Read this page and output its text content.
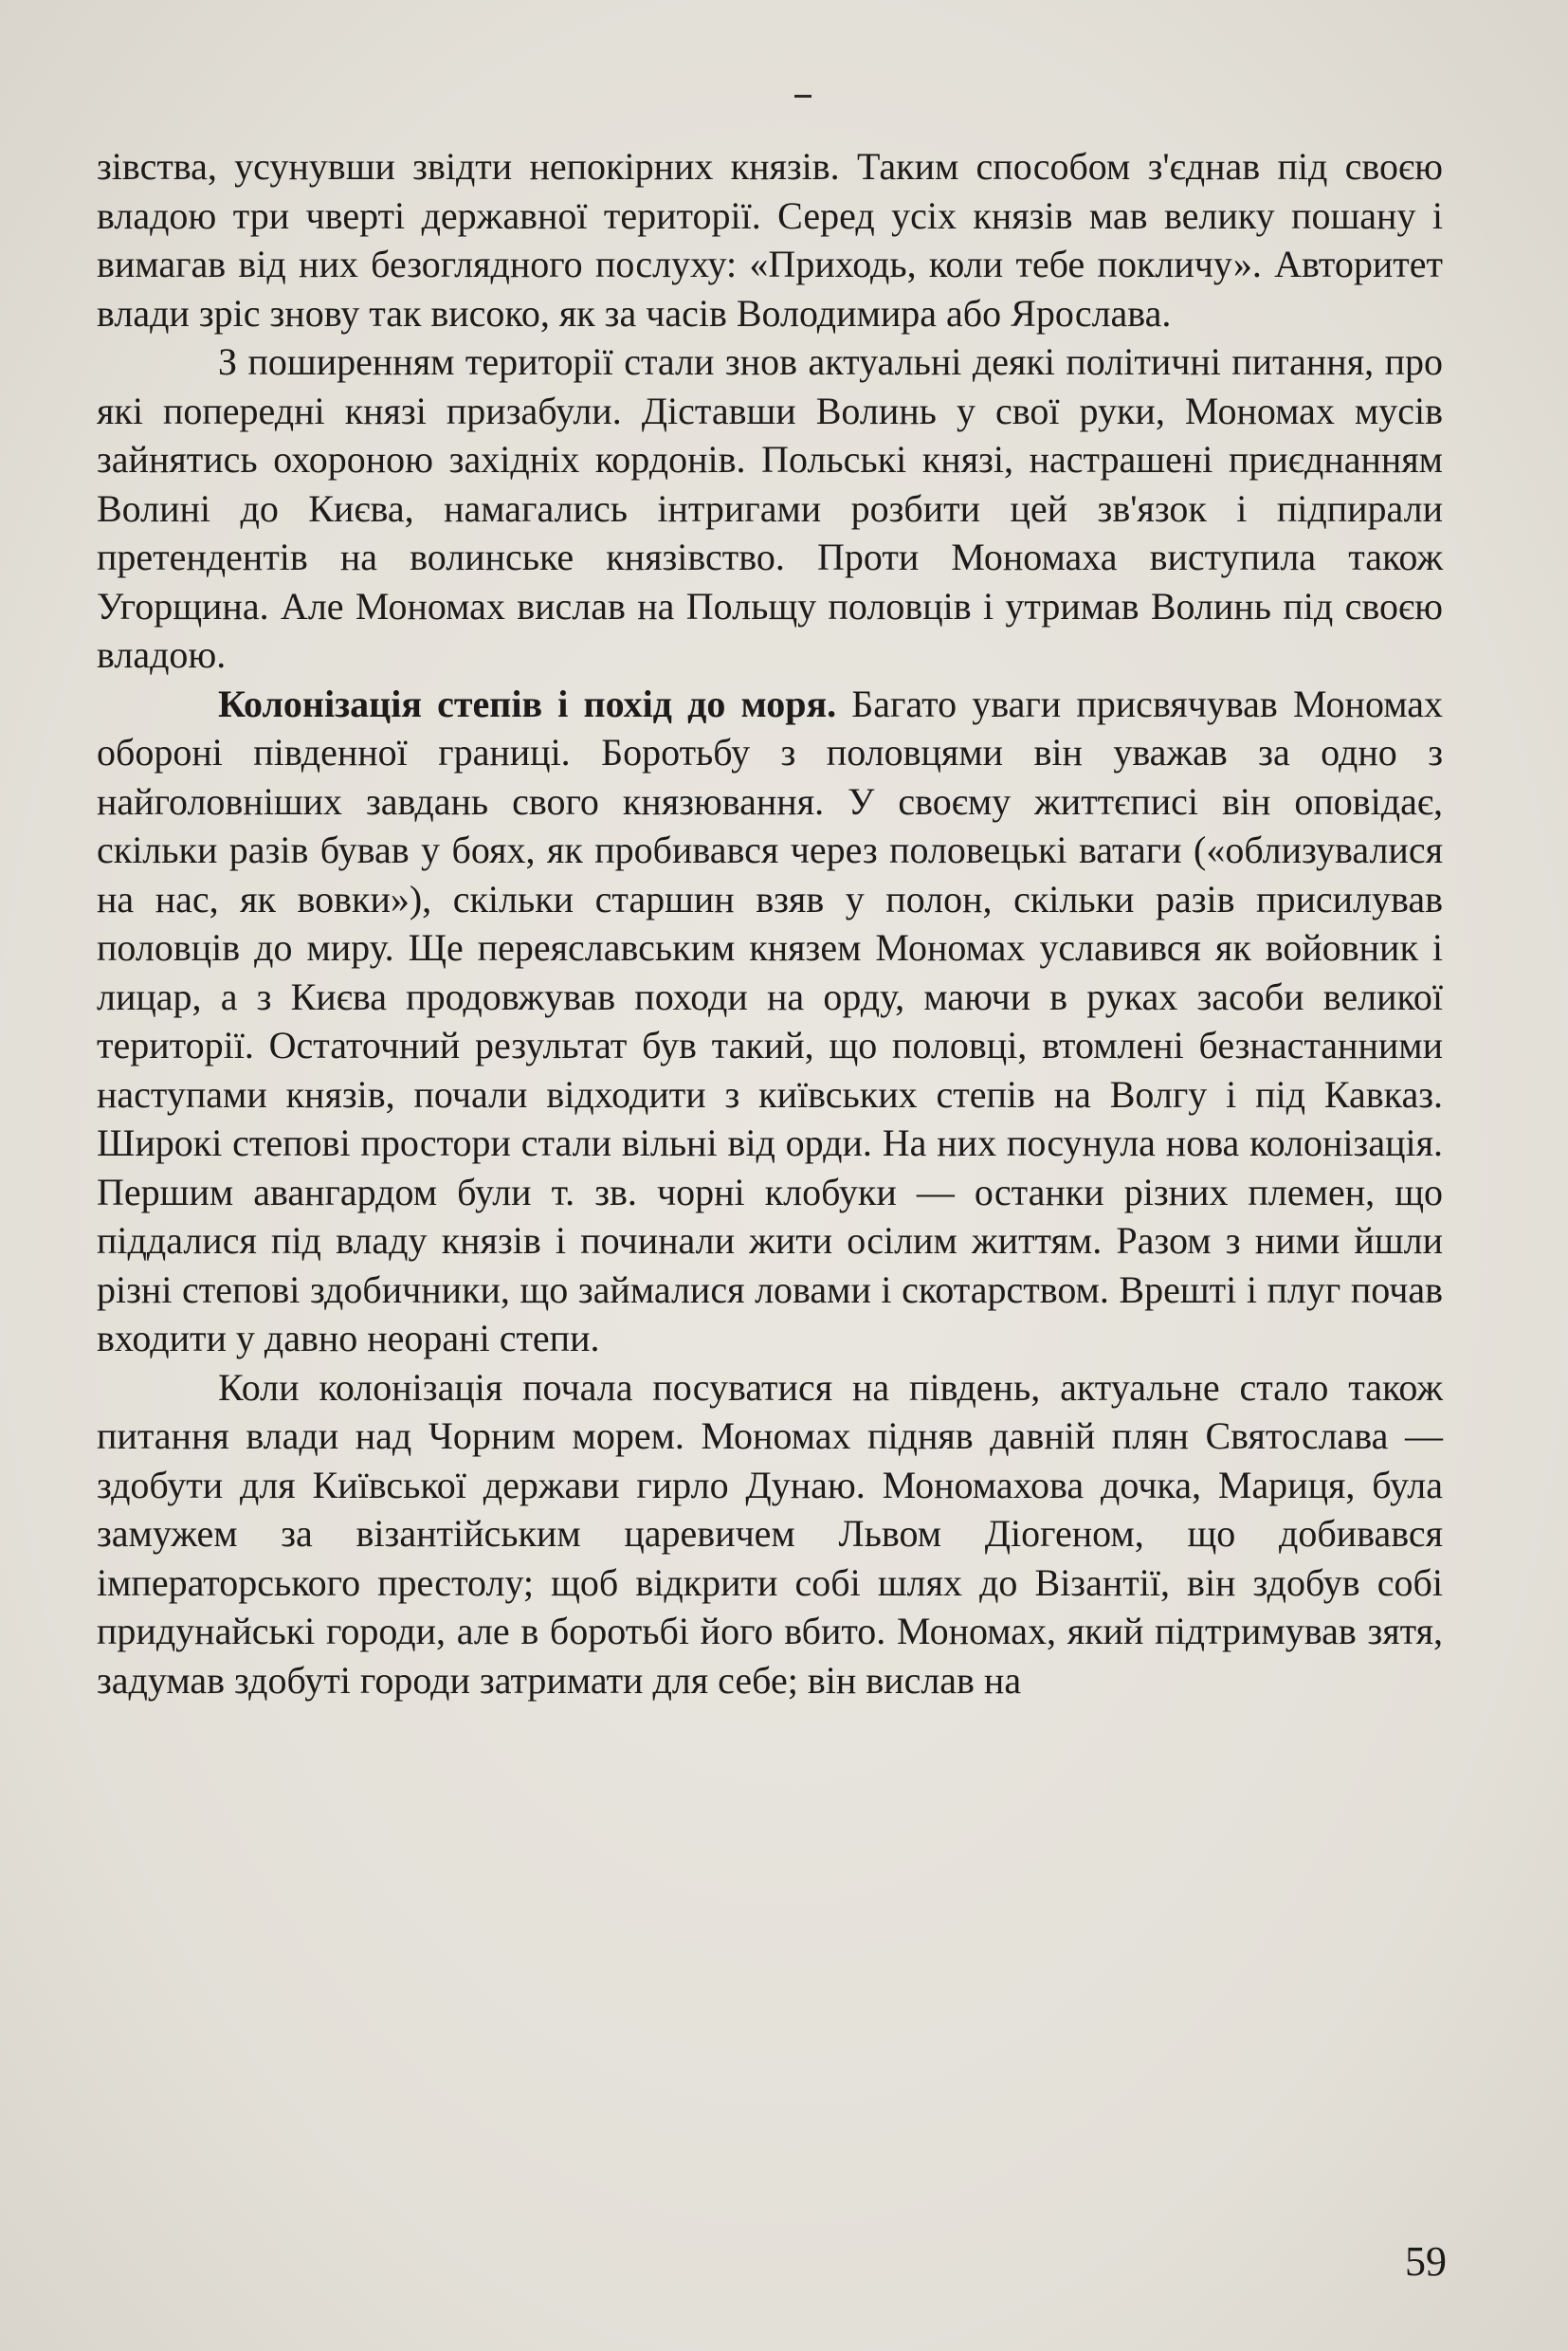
зівства, усунувши звідти непокірних князів. Таким способом з'єднав під своєю владою три чверті державної території. Серед усіх князів мав велику пошану і вимагав від них безоглядного послуху: «Приходь, коли тебе покличу». Авторитет влади зріс знову так високо, як за часів Володимира або Ярослава.

З поширенням території стали знов актуальні деякі політичні питання, про які попередні князі призабули. Діставши Волинь у свої руки, Мономах мусів зайнятись охороною західніх кордонів. Польські князі, настрашені приєднанням Волині до Києва, намагались інтригами розбити цей зв'язок і підпирали претендентів на волинське князівство. Проти Мономаха виступила також Угорщина. Але Мономах вислав на Польщу половців і утримав Волинь під своєю владою.

Колонізація степів і похід до моря. Багато уваги присвячував Мономах обороні південної границі. Боротьбу з половцями він уважав за одно з найголовніших завдань свого князювання. У своєму життєписі він оповідає, скільки разів бував у боях, як пробивався через половецькі ватаги («облизувалися на нас, як вовки»), скільки старшин взяв у полон, скільки разів присилував половців до миру. Ще переяславським князем Мономах уславився як войовник і лицар, а з Києва продовжував походи на орду, маючи в руках засоби великої території. Остаточний результат був такий, що половці, втомлені безнастанними наступами князів, почали відходити з київських степів на Волгу і під Кавказ. Широкі степові простори стали вільні від орди. На них посунула нова колонізація. Першим авангардом були т. зв. чорні клобуки — останки різних племен, що піддалися під владу князів і починали жити осілим життям. Разом з ними йшли різні степові здобичники, що займалися ловами і скотарством. Врешті і плуг почав входити у давно неорані степи.

Коли колонізація почала посуватися на південь, актуальне стало також питання влади над Чорним морем. Мономах підняв давній плян Святослава — здобути для Київської держави гирло Дунаю. Мономахова дочка, Мариця, була замужем за візантійським царевичем Львом Діогеном, що добивався імператорського престолу; щоб відкрити собі шлях до Візантії, він здобув собі придунайські городи, але в боротьбі його вбито. Мономах, який підтримував зятя, задумав здобуті городи затримати для себе; він вислав на

59
